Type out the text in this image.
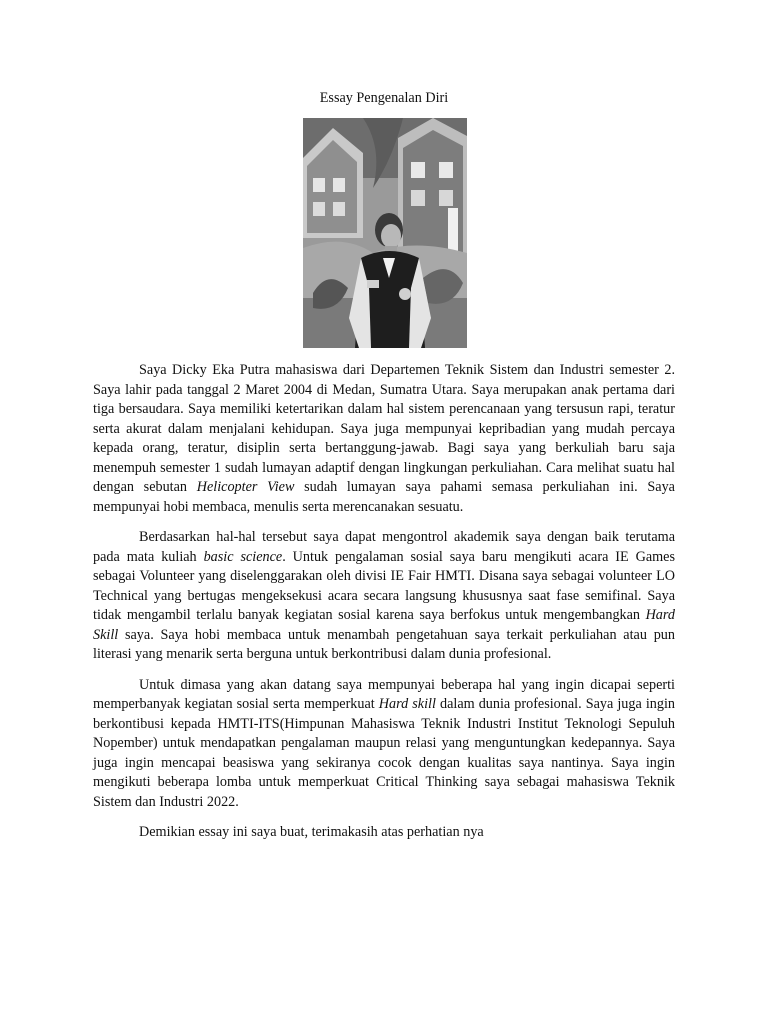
Essay Pengenalan Diri

Saya Dicky Eka Putra mahasiswa dari Departemen Teknik Sistem dan Industri semester 2. Saya lahir pada tanggal 2 Maret 2004 di Medan, Sumatra Utara. Saya merupakan anak pertama dari tiga bersaudara. Saya memiliki ketertarikan dalam hal sistem perencanaan yang tersusun rapi, teratur serta akurat dalam menjalani kehidupan. Saya juga mempunyai kepribadian yang mudah percaya kepada orang, teratur, disiplin serta bertanggung-jawab. Bagi saya yang berkuliah baru saja menempuh semester 1 sudah lumayan adaptif dengan lingkungan perkuliahan. Cara melihat suatu hal dengan sebutan Helicopter View sudah lumayan saya pahami semasa perkuliahan ini. Saya mempunyai hobi membaca, menulis serta merencanakan sesuatu.

Berdasarkan hal-hal tersebut saya dapat mengontrol akademik saya dengan baik terutama pada mata kuliah basic science. Untuk pengalaman sosial saya baru mengikuti acara IE Games sebagai Volunteer yang diselenggarakan oleh divisi IE Fair HMTI. Disana saya sebagai volunteer LO Technical yang bertugas mengeksekusi acara secara langsung khususnya saat fase semifinal. Saya tidak mengambil terlalu banyak kegiatan sosial karena saya berfokus untuk mengembangkan Hard Skill saya. Saya hobi membaca untuk menambah pengetahuan saya terkait perkuliahan atau pun literasi yang menarik serta berguna untuk berkontribusi dalam dunia profesional.

Untuk dimasa yang akan datang saya mempunyai beberapa hal yang ingin dicapai seperti memperbanyak kegiatan sosial serta memperkuat Hard skill dalam dunia profesional. Saya juga ingin berkontibusi kepada HMTI-ITS(Himpunan Mahasiswa Teknik Industri Institut Teknologi Sepuluh Nopember) untuk mendapatkan pengalaman maupun relasi yang menguntungkan kedepannya. Saya juga ingin mencapai beasiswa yang sekiranya cocok dengan kualitas saya nantinya. Saya ingin mengikuti beberapa lomba untuk memperkuat Critical Thinking saya sebagai mahasiswa Teknik Sistem dan Industri 2022.

Demikian essay ini saya buat, terimakasih atas perhatian nya
